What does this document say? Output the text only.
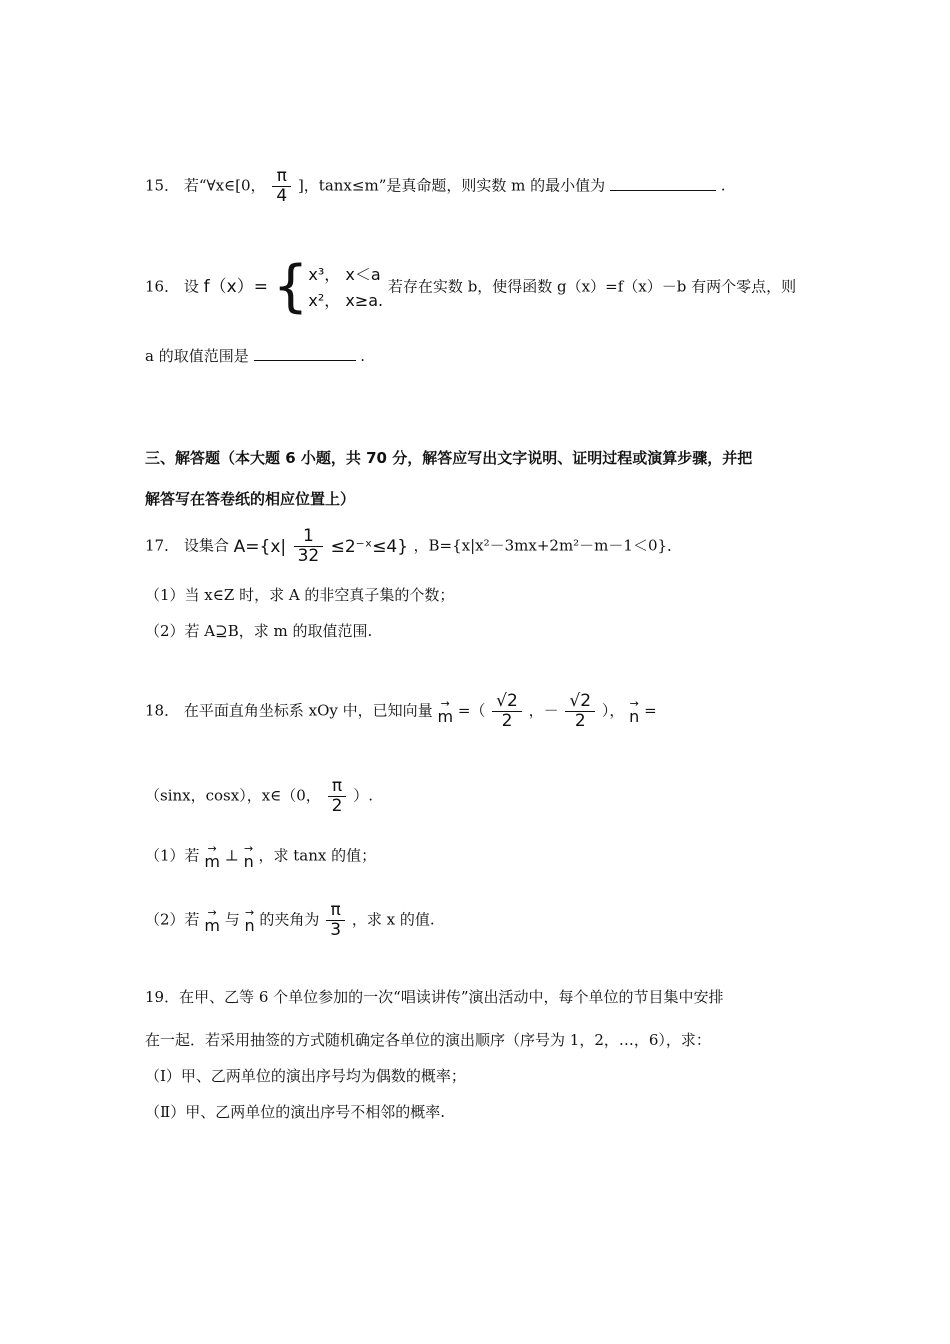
15． 若“∀x∈[0， $\frac{\pi}{4}$ ]，tanx≤m”是真命题，则实数 m 的最小值为	.
16． 设 f（x）= { x³， x＜a
x²， x≥a.
若存在实数 b，使得函数 g（x）=f（x）－b 有两个零点，则
a 的取值范围是	.
三、解答题（本大题 6 小题，共 70 分，解答应写出文字说明、证明过程或演算步骤，并把
解答写在答卷纸的相应位置上）
17． 设集合 $A=\{x| \frac{1}{32}$ ≤2⁻ˣ≤4} ，B={x|x²－3mx+2m²－m－1＜0}．
（1）当 x∈Z 时，求 A 的非空真子集的个数；
（2）若 A⊇B，求 m 的取值范围.
18． 在平面直角坐标系 xOy 中，已知向量 →
m =（ $\frac{√2}{2}$ ，－ $\frac{√2}{2}$ ）， →
n =
（sinx，cosx），x∈（0， $\frac{\pi}{2}$ ）.
（1）若 →
m ⊥ →
n ，求 tanx 的值；
（2）若 →
m 与 →
n 的夹角为 $\frac{\pi}{3}$ ，求 x 的值.
19．在甲、乙等 6 个单位参加的一次“唱读讲传”演出活动中，每个单位的节目集中安排
在一起．若采用抽签的方式随机确定各单位的演出顺序（序号为 1，2，…，6），求：
（Ⅰ）甲、乙两单位的演出序号均为偶数的概率；
（Ⅱ）甲、乙两单位的演出序号不相邻的概率.
